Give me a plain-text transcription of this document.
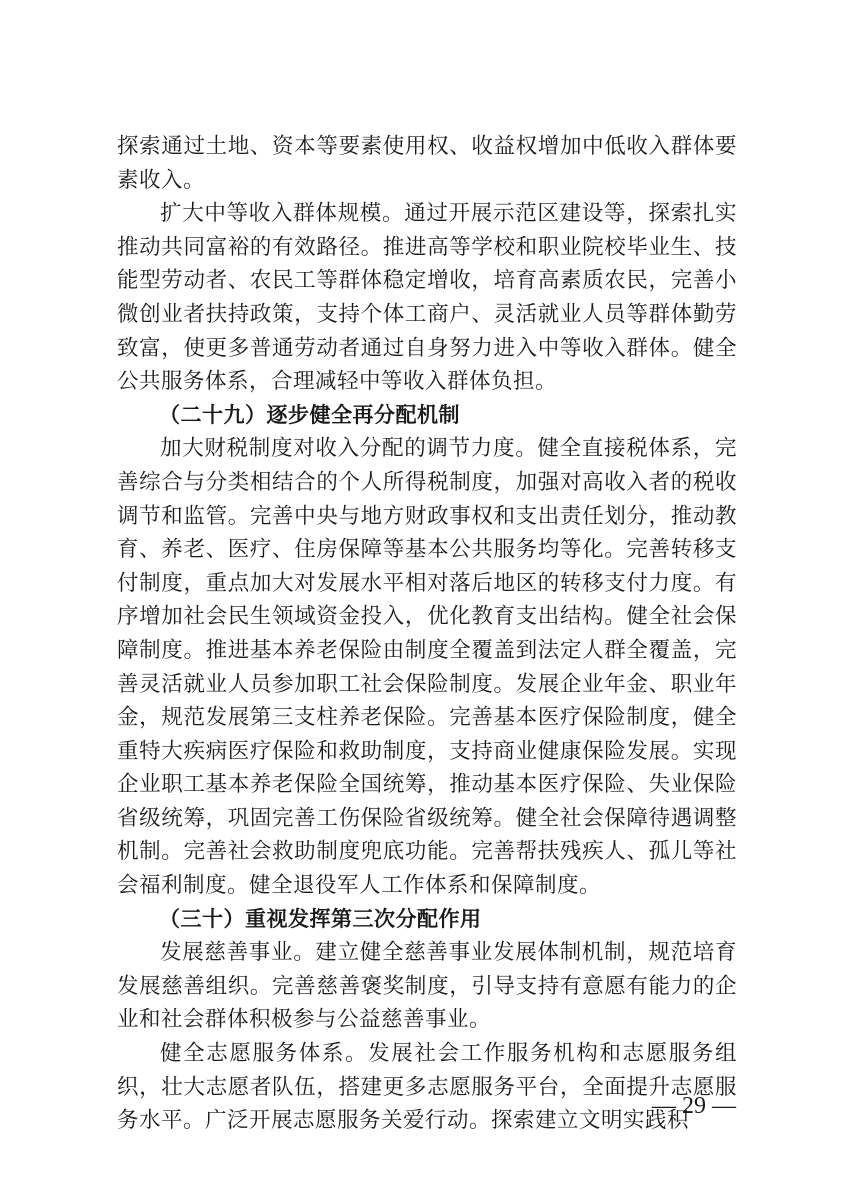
探索通过土地、资本等要素使用权、收益权增加中低收入群体要素收入。

扩大中等收入群体规模。通过开展示范区建设等，探索扎实推动共同富裕的有效路径。推进高等学校和职业院校毕业生、技能型劳动者、农民工等群体稳定增收，培育高素质农民，完善小微创业者扶持政策，支持个体工商户、灵活就业人员等群体勤劳致富，使更多普通劳动者通过自身努力进入中等收入群体。健全公共服务体系，合理减轻中等收入群体负担。

（二十九）逐步健全再分配机制

加大财税制度对收入分配的调节力度。健全直接税体系，完善综合与分类相结合的个人所得税制度，加强对高收入者的税收调节和监管。完善中央与地方财政事权和支出责任划分，推动教育、养老、医疗、住房保障等基本公共服务均等化。完善转移支付制度，重点加大对发展水平相对落后地区的转移支付力度。有序增加社会民生领域资金投入，优化教育支出结构。健全社会保障制度。推进基本养老保险由制度全覆盖到法定人群全覆盖，完善灵活就业人员参加职工社会保险制度。发展企业年金、职业年金，规范发展第三支柱养老保险。完善基本医疗保险制度，健全重特大疾病医疗保险和救助制度，支持商业健康保险发展。实现企业职工基本养老保险全国统筹，推动基本医疗保险、失业保险省级统筹，巩固完善工伤保险省级统筹。健全社会保障待遇调整机制。完善社会救助制度兜底功能。完善帮扶残疾人、孤儿等社会福利制度。健全退役军人工作体系和保障制度。

（三十）重视发挥第三次分配作用

发展慈善事业。建立健全慈善事业发展体制机制，规范培育发展慈善组织。完善慈善褒奖制度，引导支持有意愿有能力的企业和社会群体积极参与公益慈善事业。

健全志愿服务体系。发展社会工作服务机构和志愿服务组织，壮大志愿者队伍，搭建更多志愿服务平台，全面提升志愿服务水平。广泛开展志愿服务关爱行动。探索建立文明实践积

— 29 —
